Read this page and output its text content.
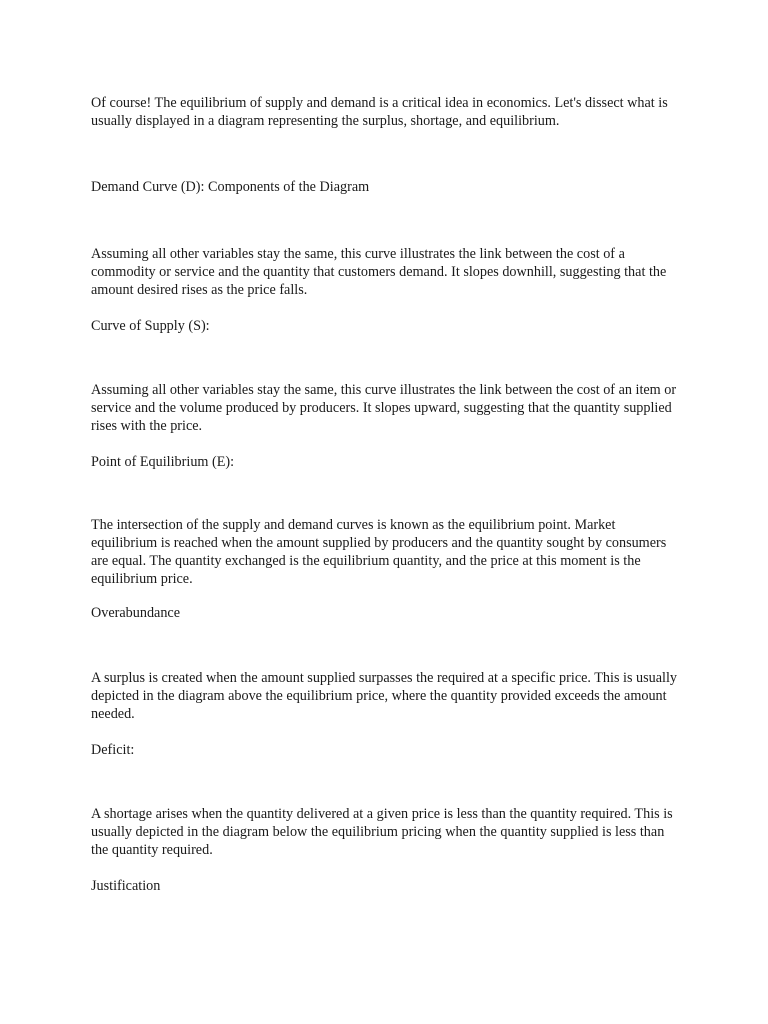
Of course! The equilibrium of supply and demand is a critical idea in economics. Let's dissect what is usually displayed in a diagram representing the surplus, shortage, and equilibrium.

Demand Curve (D): Components of the Diagram

Assuming all other variables stay the same, this curve illustrates the link between the cost of a commodity or service and the quantity that customers demand. It slopes downhill, suggesting that the amount desired rises as the price falls.

Curve of Supply (S):

Assuming all other variables stay the same, this curve illustrates the link between the cost of an item or service and the volume produced by producers. It slopes upward, suggesting that the quantity supplied rises with the price.

Point of Equilibrium (E):

The intersection of the supply and demand curves is known as the equilibrium point. Market equilibrium is reached when the amount supplied by producers and the quantity sought by consumers are equal. The quantity exchanged is the equilibrium quantity, and the price at this moment is the equilibrium price.

Overabundance

A surplus is created when the amount supplied surpasses the required at a specific price. This is usually depicted in the diagram above the equilibrium price, where the quantity provided exceeds the amount needed.

Deficit:

A shortage arises when the quantity delivered at a given price is less than the quantity required. This is usually depicted in the diagram below the equilibrium pricing when the quantity supplied is less than the quantity required.

Justification
